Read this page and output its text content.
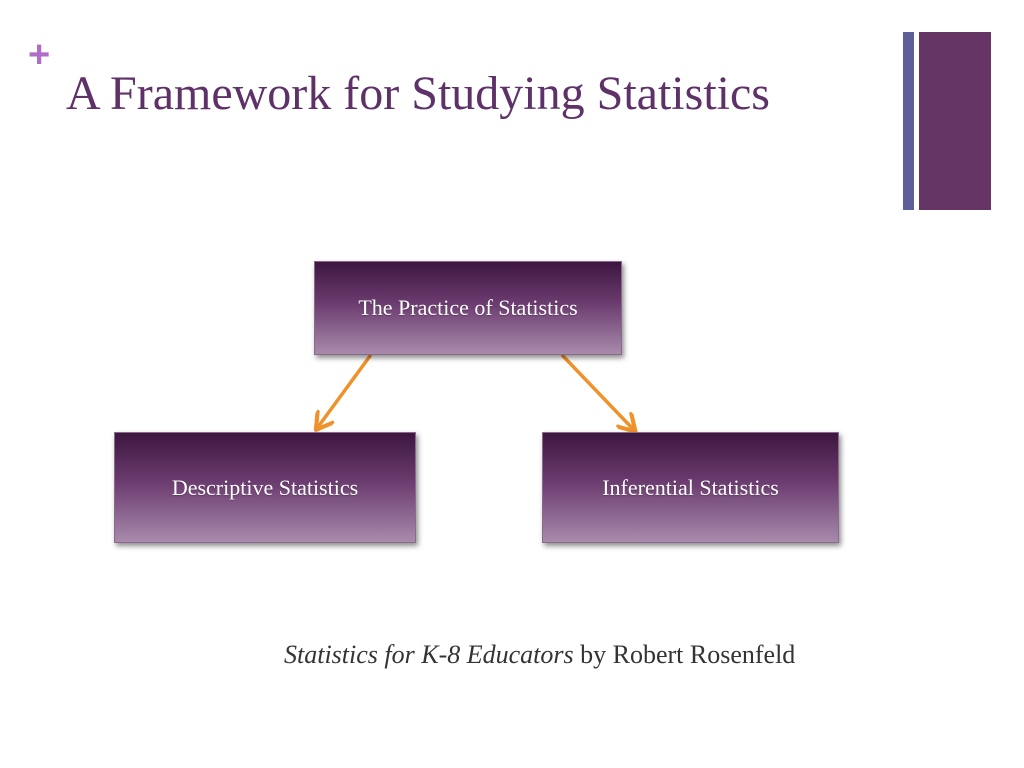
+
A Framework for Studying Statistics
The Practice of Statistics
Descriptive Statistics	Inferential Statistics
Statistics for K-8 Educators by Robert Rosenfeld
